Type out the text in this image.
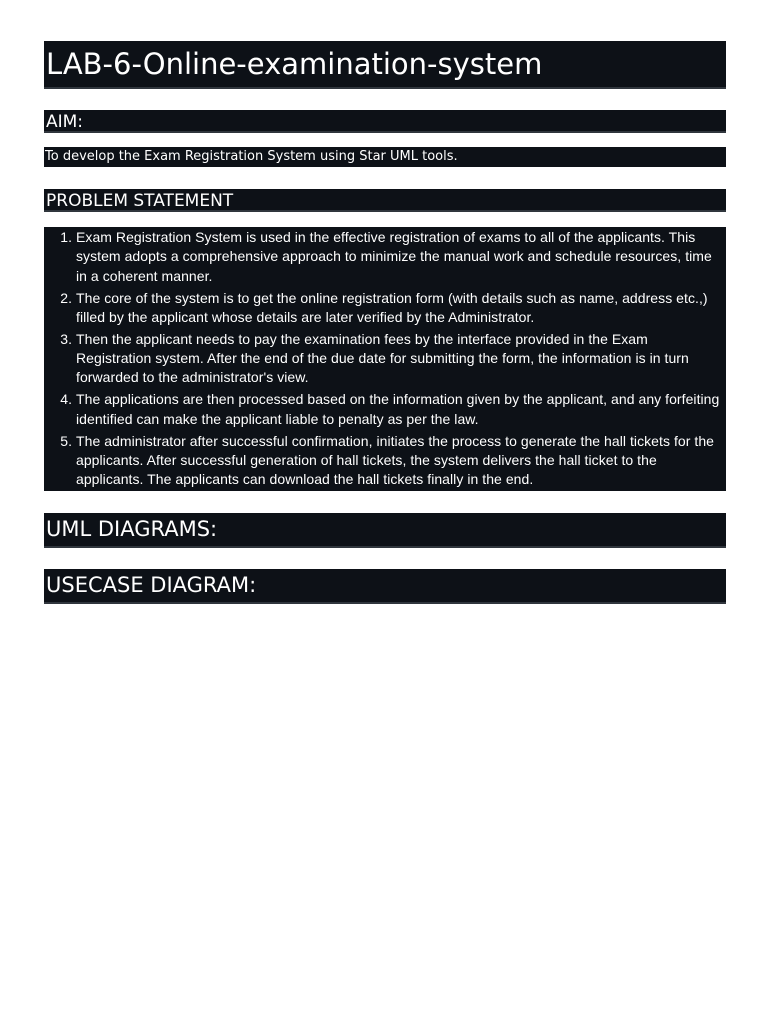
LAB-6-Online-examination-system
AIM:
To develop the Exam Registration System using Star UML tools.
PROBLEM STATEMENT
1. Exam Registration System is used in the effective registration of exams to all of the applicants. This system adopts a comprehensive approach to minimize the manual work and schedule resources, time in a coherent manner.
2. The core of the system is to get the online registration form (with details such as name, address etc.,) filled by the applicant whose details are later verified by the Administrator.
3. Then the applicant needs to pay the examination fees by the interface provided in the Exam Registration system. After the end of the due date for submitting the form, the information is in turn forwarded to the administrator's view.
4. The applications are then processed based on the information given by the applicant, and any forfeiting identified can make the applicant liable to penalty as per the law.
5. The administrator after successful confirmation, initiates the process to generate the hall tickets for the applicants. After successful generation of hall tickets, the system delivers the hall ticket to the applicants. The applicants can download the hall tickets finally in the end.
UML DIAGRAMS:
USECASE DIAGRAM:
